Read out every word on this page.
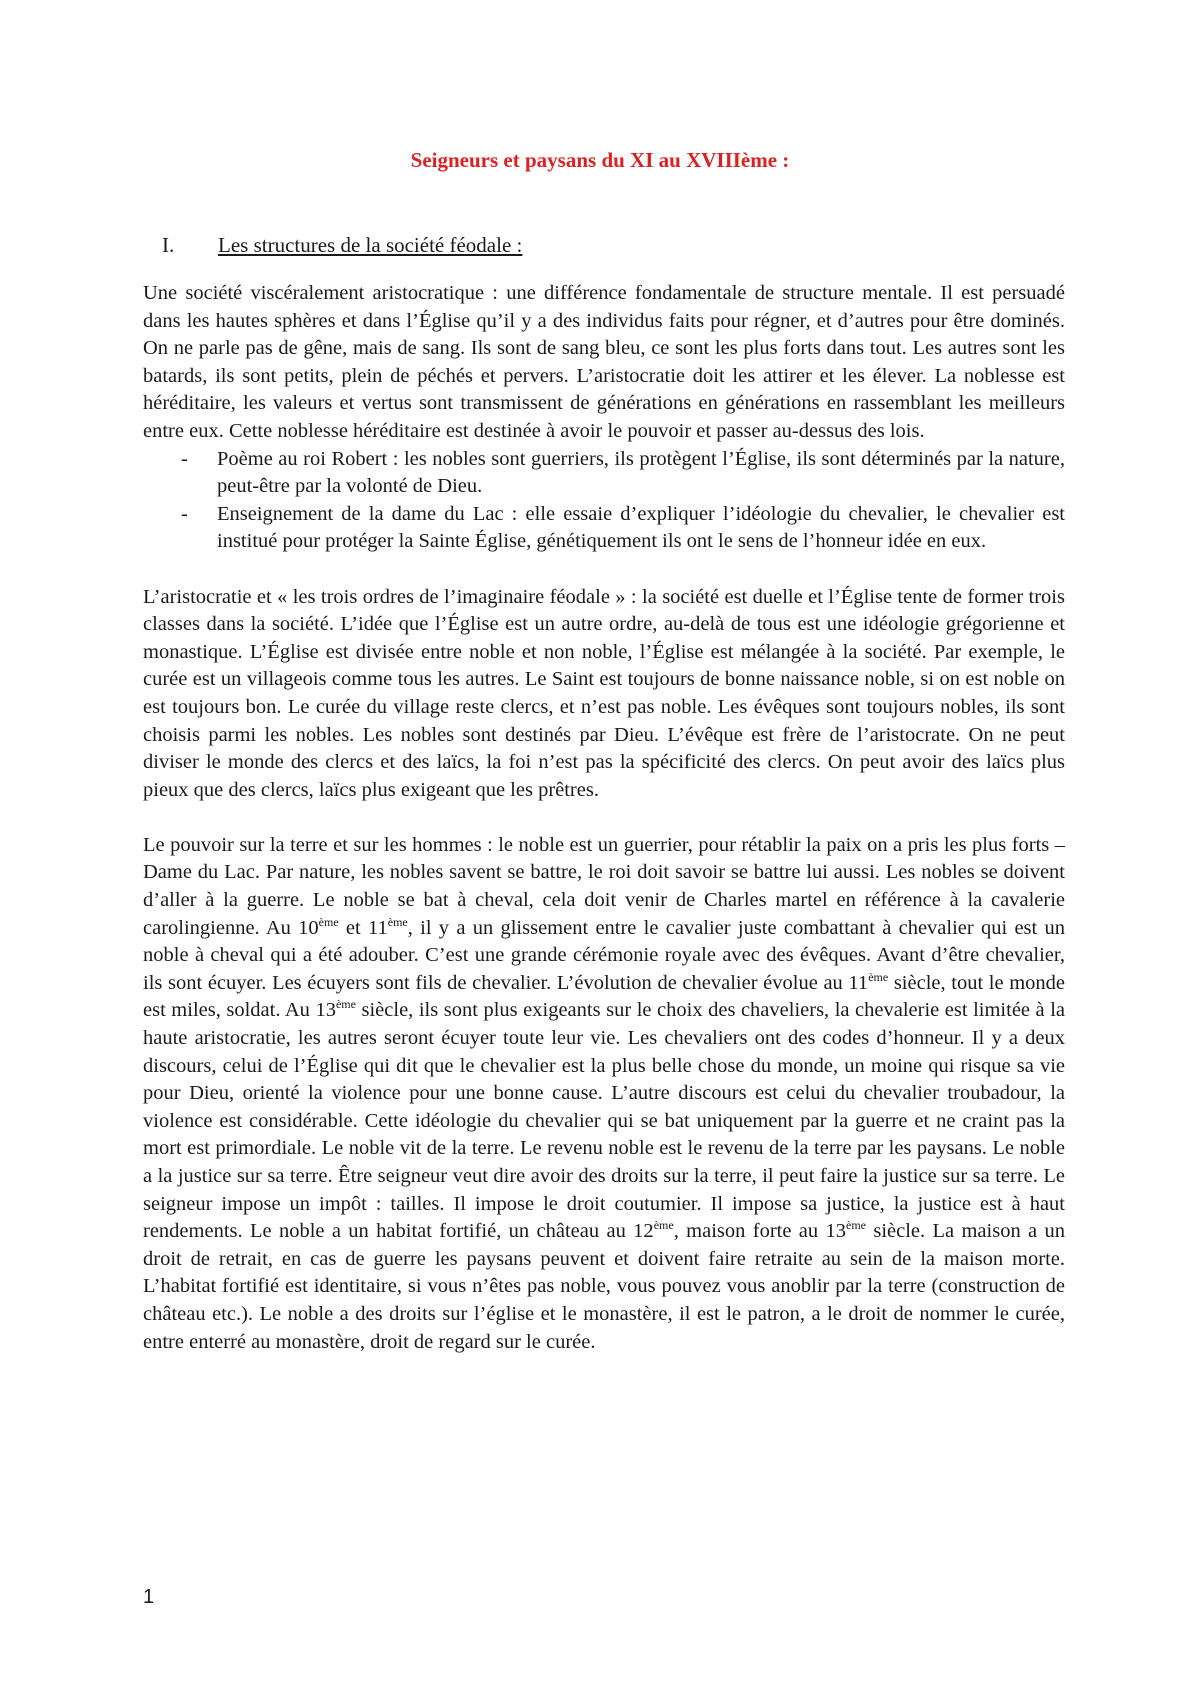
Seigneurs et paysans du XI au XVIIIème :
I. Les structures de la société féodale :

Une société viscéralement aristocratique : une différence fondamentale de structure mentale. Il est persuadé dans les hautes sphères et dans l’Église qu’il y a des individus faits pour régner, et d’autres pour être dominés. On ne parle pas de gêne, mais de sang. Ils sont de sang bleu, ce sont les plus forts dans tout. Les autres sont les batards, ils sont petits, plein de péchés et pervers. L’aristocratie doit les attirer et les élever. La noblesse est héréditaire, les valeurs et vertus sont transmissent de générations en générations en rassemblant les meilleurs entre eux. Cette noblesse héréditaire est destinée à avoir le pouvoir et passer au-dessus des lois.

- Poème au roi Robert : les nobles sont guerriers, ils protègent l’Église, ils sont déterminés par la nature, peut-être par la volonté de Dieu.
- Enseignement de la dame du Lac : elle essaie d’expliquer l’idéologie du chevalier, le chevalier est institué pour protéger la Sainte Église, génétiquement ils ont le sens de l’honneur idée en eux.

L’aristocratie et « les trois ordres de l’imaginaire féodale » : la société est duelle et l’Église tente de former trois classes dans la société. L’idée que l’Église est un autre ordre, au-delà de tous est une idéologie grégorienne et monastique. L’Église est divisée entre noble et non noble, l’Église est mélangée à la société. Par exemple, le curée est un villageois comme tous les autres. Le Saint est toujours de bonne naissance noble, si on est noble on est toujours bon. Le curée du village reste clercs, et n’est pas noble. Les évêques sont toujours nobles, ils sont choisis parmi les nobles. Les nobles sont destinés par Dieu. L’évêque est frère de l’aristocrate. On ne peut diviser le monde des clercs et des laïcs, la foi n’est pas la spécificité des clercs. On peut avoir des laïcs plus pieux que des clercs, laïcs plus exigeant que les prêtres.

Le pouvoir sur la terre et sur les hommes : le noble est un guerrier, pour rétablir la paix on a pris les plus forts – Dame du Lac. Par nature, les nobles savent se battre, le roi doit savoir se battre lui aussi. Les nobles se doivent d’aller à la guerre. Le noble se bat à cheval, cela doit venir de Charles martel en référence à la cavalerie carolingienne. Au 10ème et 11ème, il y a un glissement entre le cavalier juste combattant à chevalier qui est un noble à cheval qui a été adouber. C’est une grande cérémonie royale avec des évêques. Avant d’être chevalier, ils sont écuyer. Les écuyers sont fils de chevalier. L’évolution de chevalier évolue au 11ème siècle, tout le monde est miles, soldat. Au 13ème siècle, ils sont plus exigeants sur le choix des chaveliers, la chevalerie est limitée à la haute aristocratie, les autres seront écuyer toute leur vie. Les chevaliers ont des codes d’honneur. Il y a deux discours, celui de l’Église qui dit que le chevalier est la plus belle chose du monde, un moine qui risque sa vie pour Dieu, orienté la violence pour une bonne cause. L’autre discours est celui du chevalier troubadour, la violence est considérable. Cette idéologie du chevalier qui se bat uniquement par la guerre et ne craint pas la mort est primordiale. Le noble vit de la terre. Le revenu noble est le revenu de la terre par les paysans. Le noble a la justice sur sa terre. Être seigneur veut dire avoir des droits sur la terre, il peut faire la justice sur sa terre. Le seigneur impose un impôt : tailles. Il impose le droit coutumier. Il impose sa justice, la justice est à haut rendements. Le noble a un habitat fortifié, un château au 12ème, maison forte au 13ème siècle. La maison a un droit de retrait, en cas de guerre les paysans peuvent et doivent faire retraite au sein de la maison morte. L’habitat fortifié est identitaire, si vous n’êtes pas noble, vous pouvez vous anoblir par la terre (construction de château etc.). Le noble a des droits sur l’église et le monastère, il est le patron, a le droit de nommer le curée, entre enterré au monastère, droit de regard sur le curée.

1
